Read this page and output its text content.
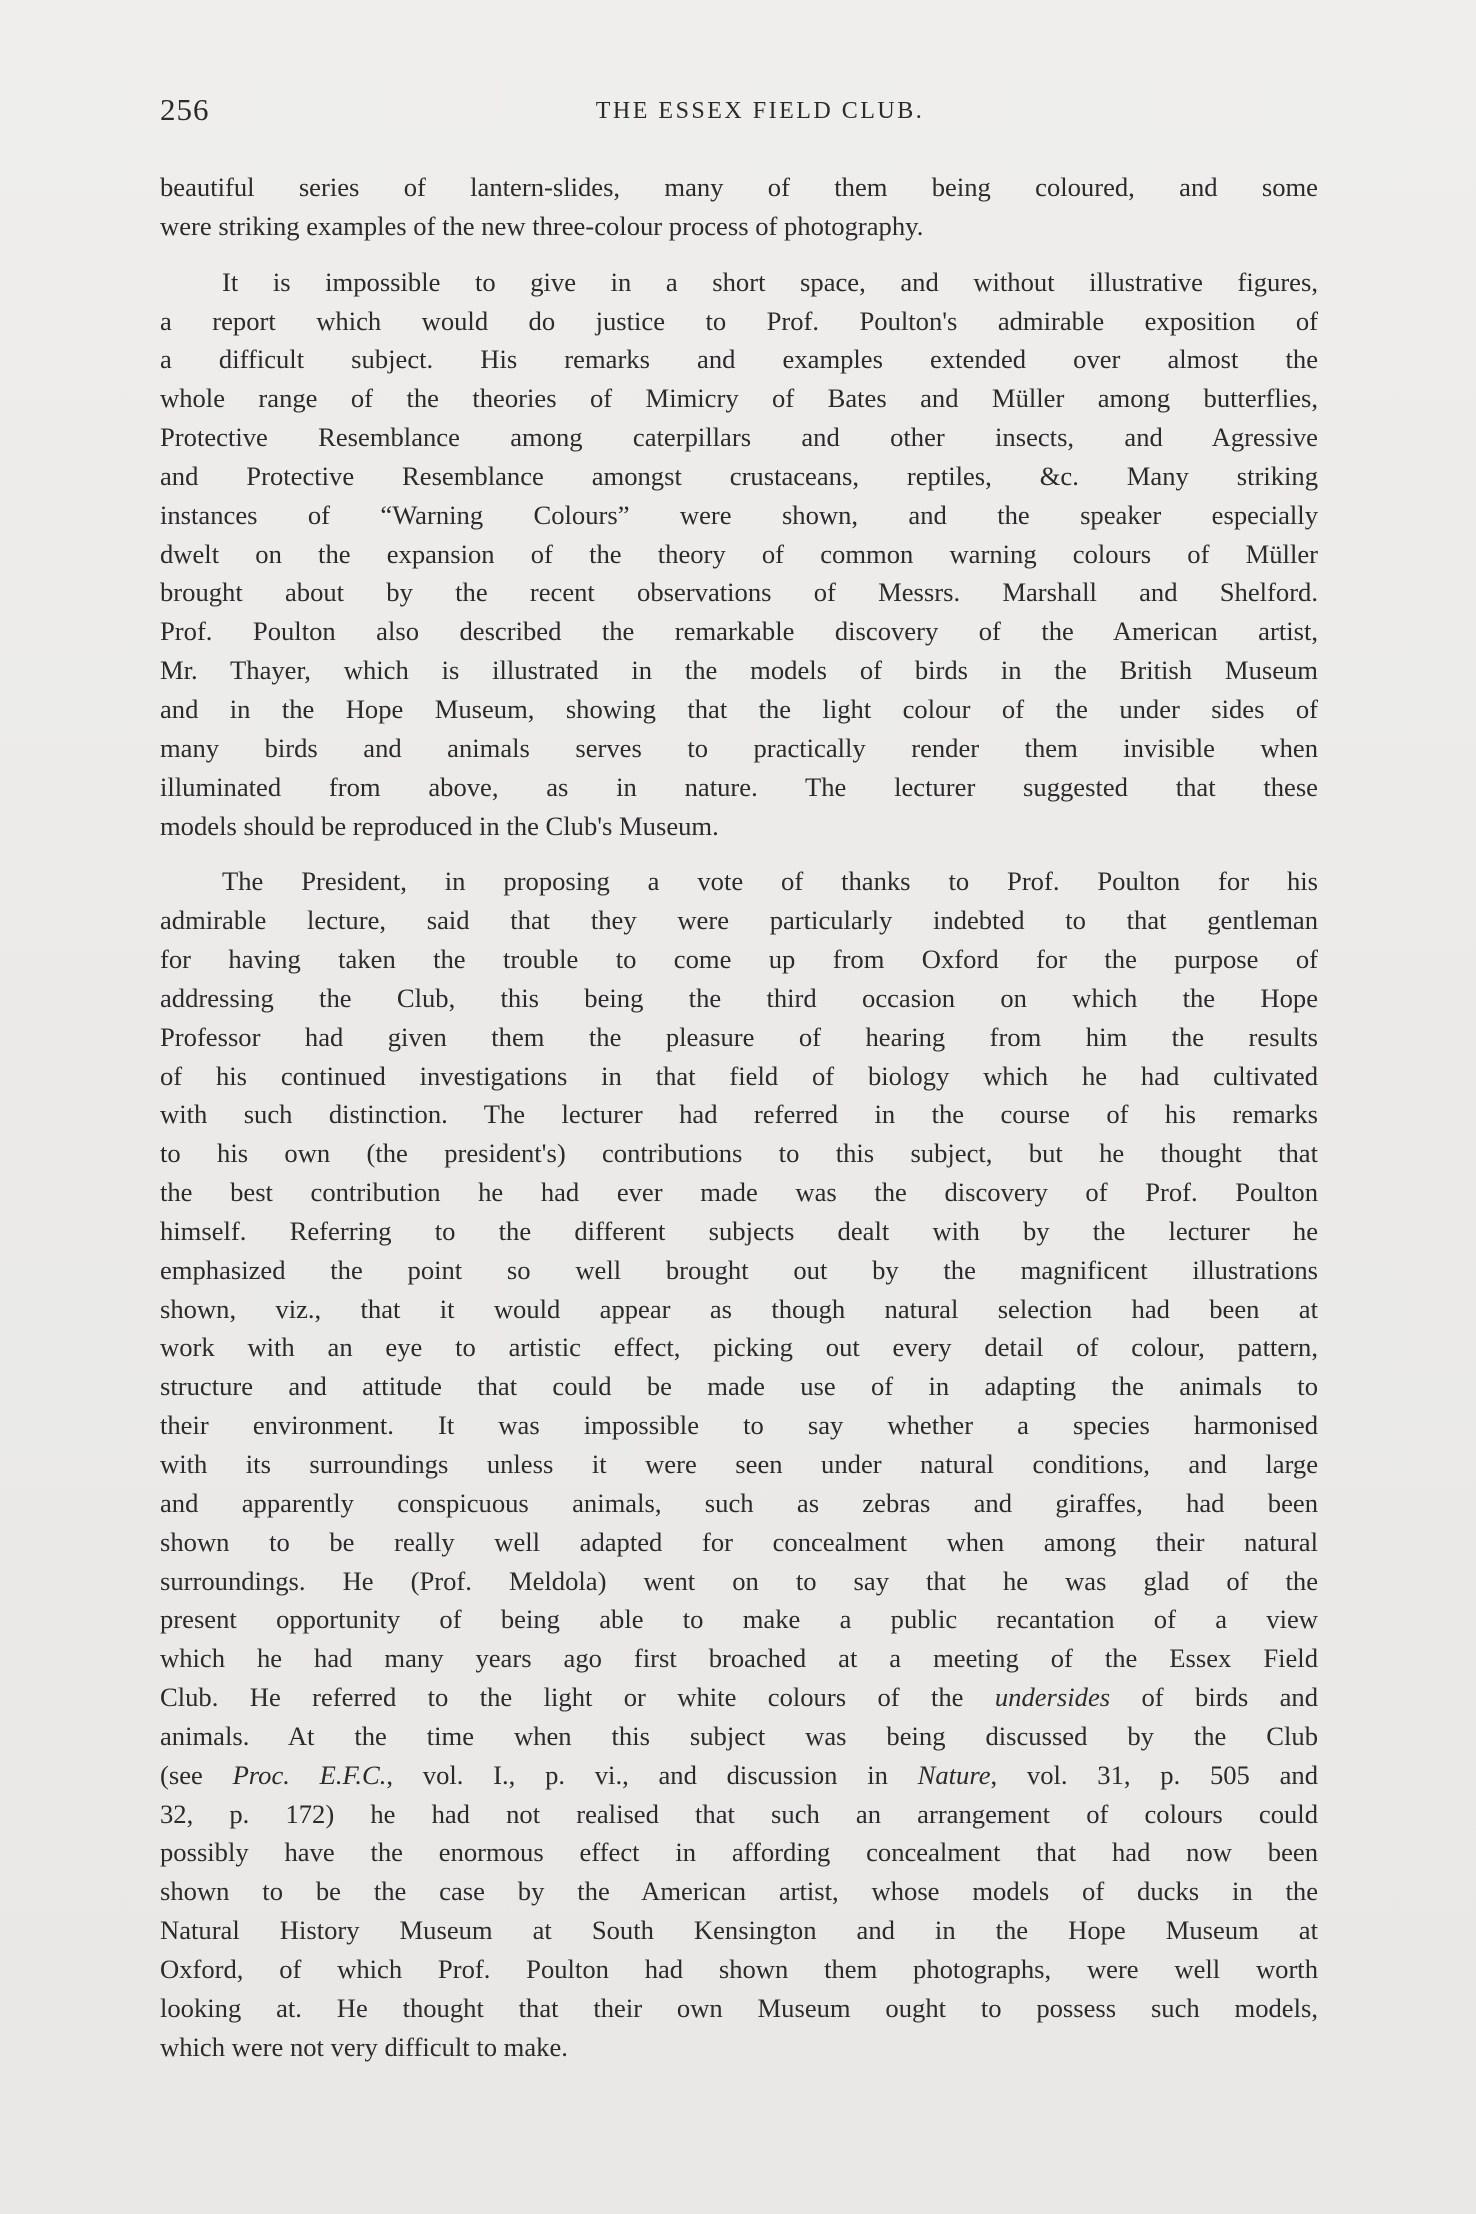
256	THE ESSEX FIELD CLUB.

beautiful series of lantern-slides, many of them being coloured, and some
were striking examples of the new three-colour process of photography.

It is impossible to give in a short space, and without illustrative figures,
a report which would do justice to Prof. Poulton's admirable exposition of
a difficult subject. His remarks and examples extended over almost the
whole range of the theories of Mimicry of Bates and Müller among butterflies,
Protective Resemblance among caterpillars and other insects, and Agressive
and Protective Resemblance amongst crustaceans, reptiles, &c. Many striking
instances of “Warning Colours” were shown, and the speaker especially
dwelt on the expansion of the theory of common warning colours of Müller
brought about by the recent observations of Messrs. Marshall and Shelford.
Prof. Poulton also described the remarkable discovery of the American artist,
Mr. Thayer, which is illustrated in the models of birds in the British Museum
and in the Hope Museum, showing that the light colour of the under sides of
many birds and animals serves to practically render them invisible when
illuminated from above, as in nature. The lecturer suggested that these
models should be reproduced in the Club's Museum.

The President, in proposing a vote of thanks to Prof. Poulton for his
admirable lecture, said that they were particularly indebted to that gentleman
for having taken the trouble to come up from Oxford for the purpose of
addressing the Club, this being the third occasion on which the Hope
Professor had given them the pleasure of hearing from him the results
of his continued investigations in that field of biology which he had cultivated
with such distinction. The lecturer had referred in the course of his remarks
to his own (the president's) contributions to this subject, but he thought that
the best contribution he had ever made was the discovery of Prof. Poulton
himself. Referring to the different subjects dealt with by the lecturer he
emphasized the point so well brought out by the magnificent illustrations
shown, viz., that it would appear as though natural selection had been at
work with an eye to artistic effect, picking out every detail of colour, pattern,
structure and attitude that could be made use of in adapting the animals to
their environment. It was impossible to say whether a species harmonised
with its surroundings unless it were seen under natural conditions, and large
and apparently conspicuous animals, such as zebras and giraffes, had been
shown to be really well adapted for concealment when among their natural
surroundings. He (Prof. Meldola) went on to say that he was glad of the
present opportunity of being able to make a public recantation of a view
which he had many years ago first broached at a meeting of the Essex Field
Club. He referred to the light or white colours of the undersides of birds and
animals. At the time when this subject was being discussed by the Club
(see Proc. E.F.C., vol. I., p. vi., and discussion in Nature, vol. 31, p. 505 and
32, p. 172) he had not realised that such an arrangement of colours could
possibly have the enormous effect in affording concealment that had now been
shown to be the case by the American artist, whose models of ducks in the
Natural History Museum at South Kensington and in the Hope Museum at
Oxford, of which Prof. Poulton had shown them photographs, were well worth
looking at. He thought that their own Museum ought to possess such models,
which were not very difficult to make.
